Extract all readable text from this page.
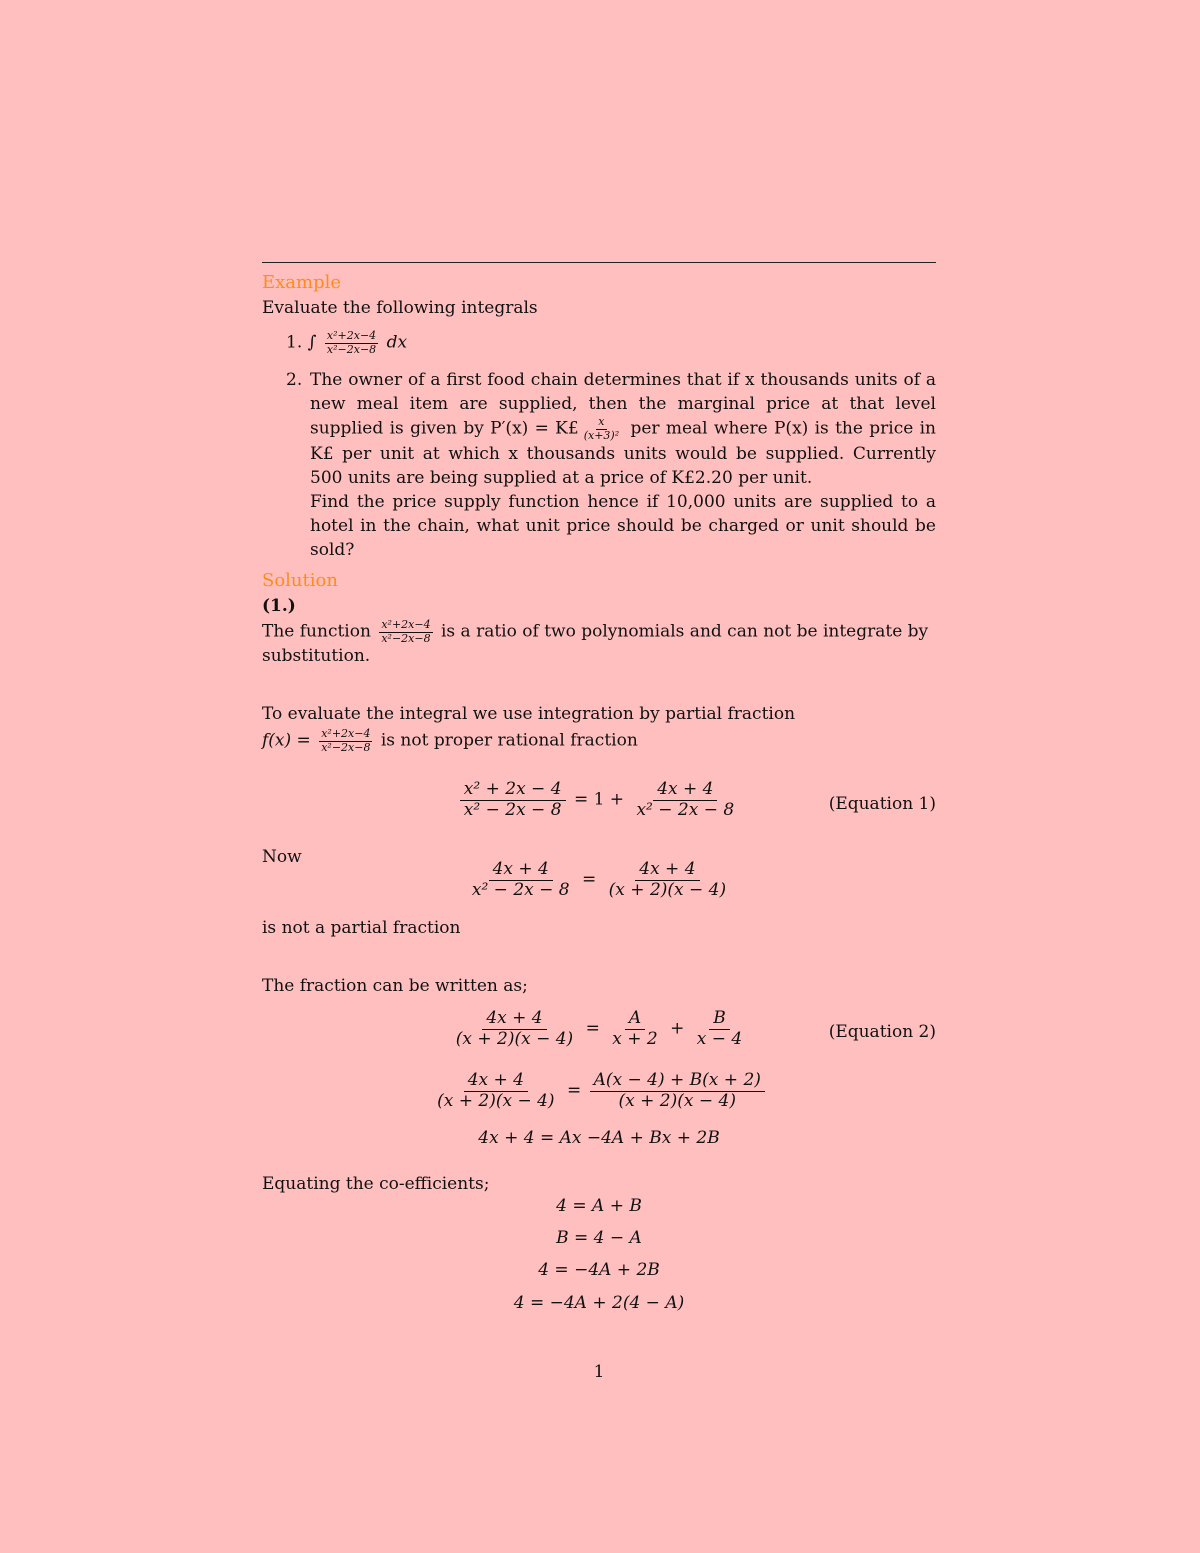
Example
Evaluate the following integrals
1. ∫ $\frac{\text{x²+2x−4}}{\text{x²−2x−8}}$ dx
2. The owner of a first food chain determines that if x thousands units of a new meal item are supplied, then the marginal price at that level supplied is given by P′(x) = K£ $\frac{x}{\text{(x+3)²}}$ per meal where P(x) is the price in K£ per unit at which x thousands units would be supplied. Currently 500 units are being supplied at a price of K£2.20 per unit.
Find the price supply function hence if 10,000 units are supplied to a hotel in the chain, what unit price should be charged or unit should be sold?
Solution
(1.)
The function $\frac{\text{x²+2x−4}}{\text{x²−2x−8}}$ is a ratio of two polynomials and can not be integrate by
substitution.
To evaluate the integral we use integration by partial fraction
$f(x) = \frac{\text{x²+2x−4}}{\text{x²−2x−8}}$ is not proper rational fraction
$\frac{\text{x² + 2x − 4}}{\text{x² − 2x − 8}} = 1 + \frac{4x + 4}{\text{x² − 2x − 8}}$	(Equation 1)
Now
$\frac{4x + 4}{\text{x² − 2x − 8}} = \frac{4x + 4}{(x + 2)(x - 4)}$
is not a partial fraction
The fraction can be written as;
$\frac{4x + 4}{(x + 2)(x - 4)} = \frac{A}{x + 2} + \frac{B}{x - 4}$	(Equation 2)
$\frac{4x + 4}{(x + 2)(x - 4)} = \frac{A(x - 4) + B(x + 2)}{(x + 2)(x - 4)}$
4x + 4 = Ax −4A + Bx + 2B
Equating the co-efficients;
4 = A + B
B = 4 − A
4 = −4A + 2B
4 = −4A + 2(4 − A)
1
